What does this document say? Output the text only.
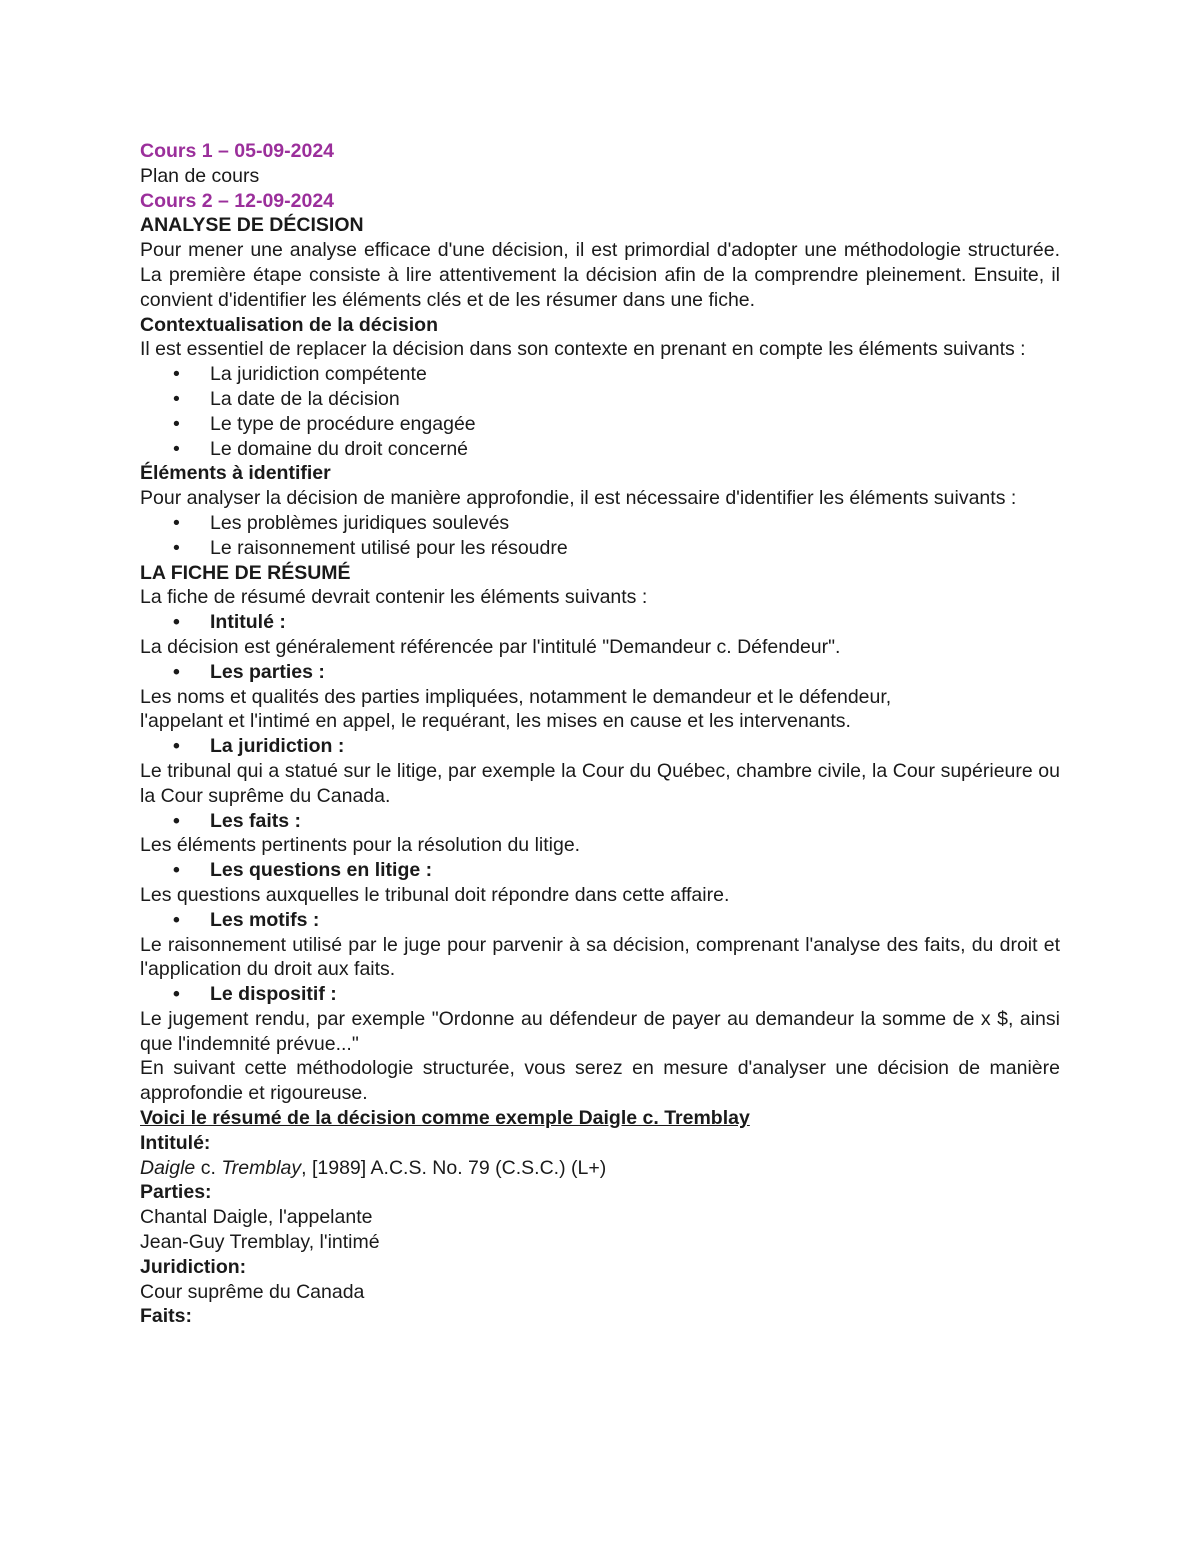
Cours 1 – 05-09-2024

Plan de cours

Cours 2 – 12-09-2024

ANALYSE DE DÉCISION

Pour mener une analyse efficace d'une décision, il est primordial d'adopter une méthodologie structurée. La première étape consiste à lire attentivement la décision afin de la comprendre pleinement. Ensuite, il convient d'identifier les éléments clés et de les résumer dans une fiche.

Contextualisation de la décision

Il est essentiel de replacer la décision dans son contexte en prenant en compte les éléments suivants :

• La juridiction compétente
• La date de la décision
• Le type de procédure engagée
• Le domaine du droit concerné

Éléments à identifier

Pour analyser la décision de manière approfondie, il est nécessaire d'identifier les éléments suivants :

• Les problèmes juridiques soulevés
• Le raisonnement utilisé pour les résoudre

LA FICHE DE RÉSUMÉ

La fiche de résumé devrait contenir les éléments suivants :

• Intitulé :

La décision est généralement référencée par l'intitulé "Demandeur c. Défendeur".

• Les parties :

Les noms et qualités des parties impliquées, notamment le demandeur et le défendeur,

l'appelant et l'intimé en appel, le requérant, les mises en cause et les intervenants.

• La juridiction :

Le tribunal qui a statué sur le litige, par exemple la Cour du Québec, chambre civile, la Cour supérieure ou la Cour suprême du Canada.

• Les faits :

Les éléments pertinents pour la résolution du litige.

• Les questions en litige :

Les questions auxquelles le tribunal doit répondre dans cette affaire.

• Les motifs :

Le raisonnement utilisé par le juge pour parvenir à sa décision, comprenant l'analyse des faits, du droit et l'application du droit aux faits.

• Le dispositif :

Le jugement rendu, par exemple "Ordonne au défendeur de payer au demandeur la somme de x $, ainsi que l'indemnité prévue..."

En suivant cette méthodologie structurée, vous serez en mesure d'analyser une décision de manière approfondie et rigoureuse.

Voici le résumé de la décision comme exemple Daigle c. Tremblay

Intitulé:

Daigle c. Tremblay, [1989] A.C.S. No. 79 (C.S.C.) (L+)

Parties:

Chantal Daigle, l'appelante

Jean-Guy Tremblay, l'intimé

Juridiction:

Cour suprême du Canada

Faits:
